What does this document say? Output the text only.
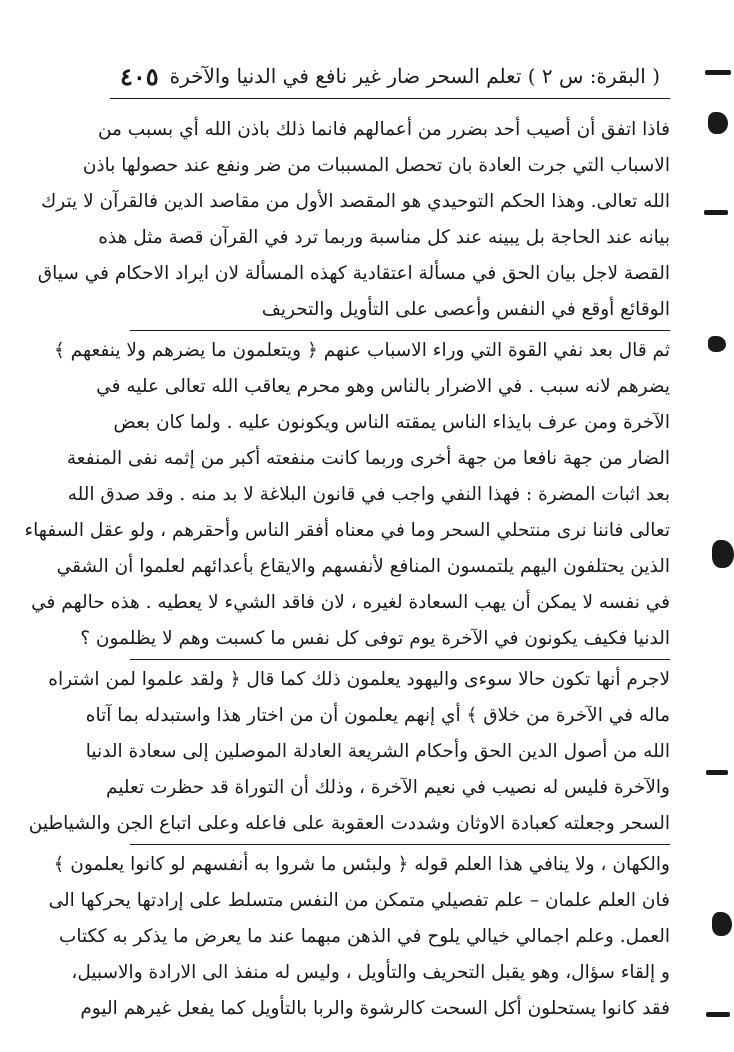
( البقرة: س ٢ ) تعلم السحر ضار غير نافع في الدنيا والآخرة
٤٠٥
فاذا اتفق أن أصيب أحد بضرر من أعمالهم فانما ذلك باذن الله أي بسبب من
الاسباب التي جرت العادة بان تحصل المسببات من ضر ونفع عند حصولها باذن
الله تعالى. وهذا الحكم التوحيدي هو المقصد الأول من مقاصد الدين فالقرآن لا يترك
بيانه عند الحاجة بل يبينه عند كل مناسبة وربما ترد في القرآن قصة مثل هذه
القصة لاجل بيان الحق في مسألة اعتقادية كهذه المسألة لان ايراد الاحكام في سياق
الوقائع أوقع في النفس وأعصى على التأويل والتحريف
ثم قال بعد نفي القوة التي وراء الاسباب عنهم ﴿ ويتعلمون ما يضرهم ولا ينفعهم ﴾
يضرهم لانه سبب . في الاضرار بالناس وهو محرم يعاقب الله تعالى عليه في
الآخرة ومن عرف بايذاء الناس يمقته الناس ويكونون عليه . ولما كان بعض
الضار من جهة نافعا من جهة أخرى وربما كانت منفعته أكبر من إثمه نفى المنفعة
بعد اثبات المضرة : فهذا النفي واجب في قانون البلاغة لا بد منه . وقد صدق الله
تعالى فاننا نرى منتحلي السحر وما في معناه أفقر الناس وأحقرهم ، ولو عقل السفهاء
الذين يحتلفون اليهم يلتمسون المنافع لأنفسهم والايقاع بأعدائهم لعلموا أن الشقي
في نفسه لا يمكن أن يهب السعادة لغيره ، لان فاقد الشيء لا يعطيه . هذه حالهم في
الدنيا فكيف يكونون في الآخرة يوم توفى كل نفس ما كسبت وهم لا يظلمون ؟
لاجرم أنها تكون حالا سوءى واليهود يعلمون ذلك كما قال ﴿ ولقد علموا لمن اشتراه
ماله في الآخرة من خلاق ﴾ أي إنهم يعلمون أن من اختار هذا واستبدله بما آتاه
الله من أصول الدين الحق وأحكام الشريعة العادلة الموصلين إلى سعادة الدنيا
والآخرة فليس له نصيب في نعيم الآخرة ، وذلك أن التوراة قد حظرت تعليم
السحر وجعلته كعبادة الاوثان وشددت العقوبة على فاعله وعلى اتباع الجن والشياطين
والكهان ، ولا ينافي هذا العلم قوله ﴿ ولبئس ما شروا به أنفسهم لو كانوا يعلمون ﴾
فان العلم علمان – علم تفصيلي متمكن من النفس متسلط على إرادتها يحركها الى
العمل. وعلم اجمالي خيالي يلوح في الذهن مبهما عند ما يعرض ما يذكر به ككتاب
و إلقاء سؤال، وهو يقبل التحريف والتأويل ، وليس له منفذ الى الارادة والاسبيل،
فقد كانوا يستحلون أكل السحت كالرشوة والربا بالتأويل كما يفعل غيرهم اليوم
